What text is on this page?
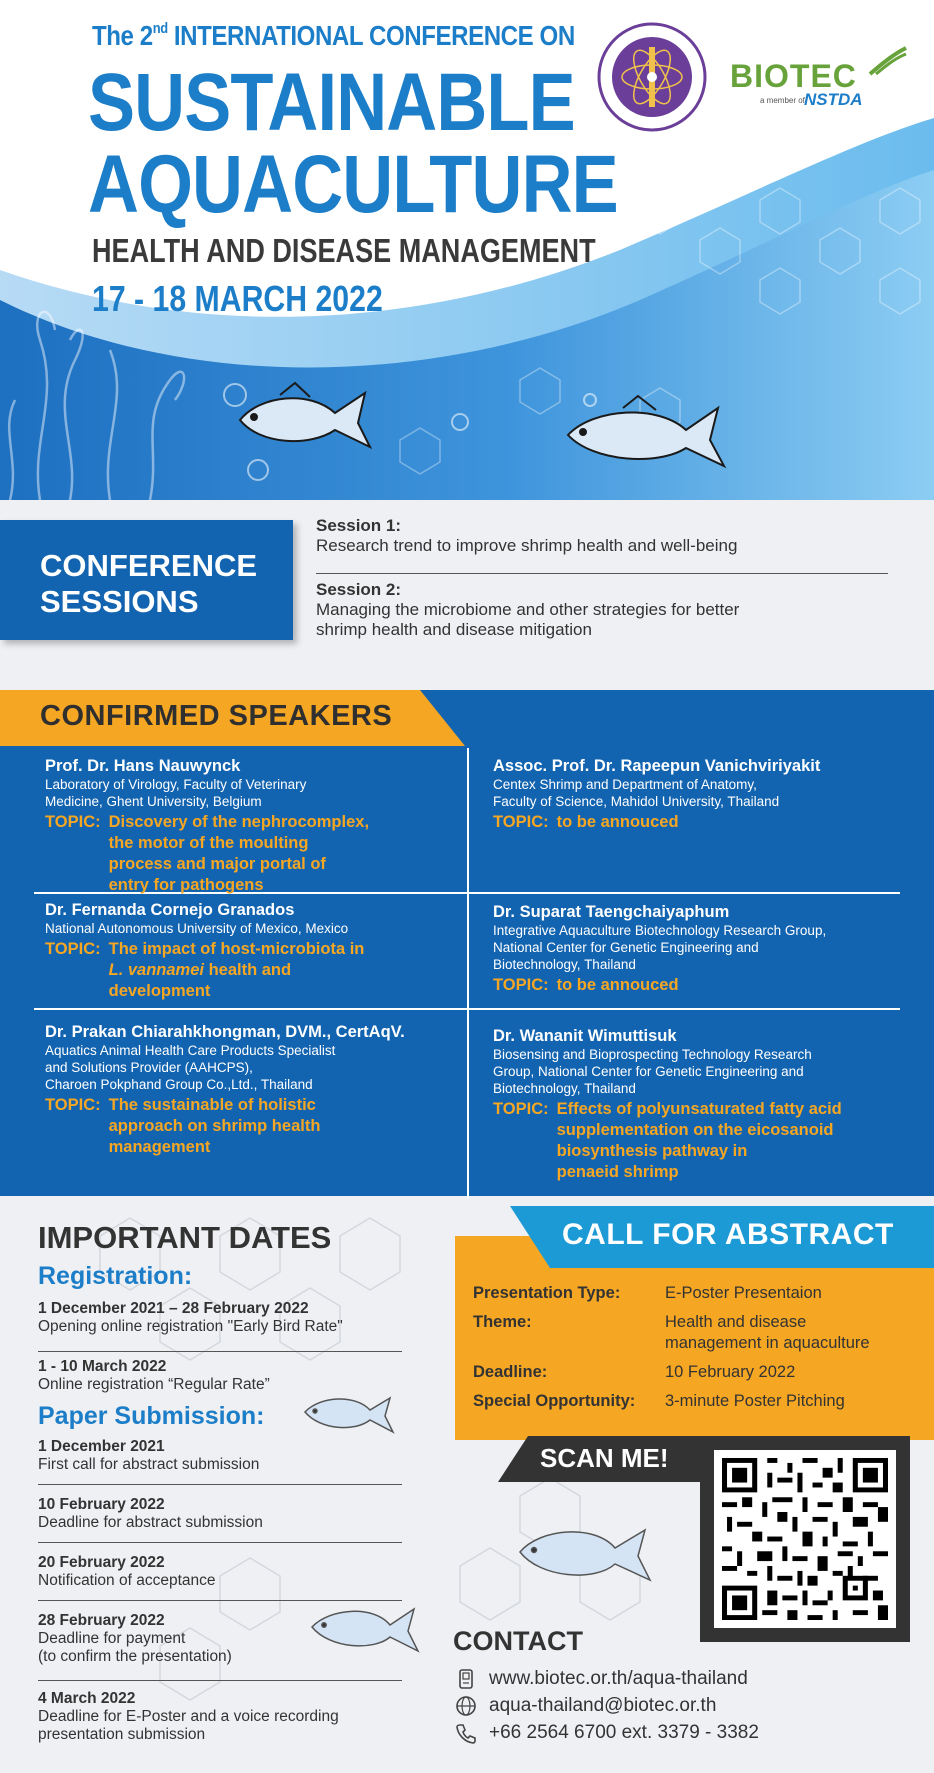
The 2nd INTERNATIONAL CONFERENCE ON
SUSTAINABLE
AQUACULTURE
HEALTH AND DISEASE MANAGEMENT
17 - 18 MARCH 2022
BIOTEC
a member of NSTDA
CONFERENCE
SESSIONS
Session 1:
Research trend to improve shrimp health and well-being
Session 2:
Managing the microbiome and other strategies for better shrimp health and disease mitigation
CONFIRMED SPEAKERS
Prof. Dr. Hans Nauwynck
Laboratory of Virology, Faculty of Veterinary
Medicine, Ghent University, Belgium
TOPIC: Discovery of the nephrocomplex,
the motor of the moulting
process and major portal of
entry for pathogens
Assoc. Prof. Dr. Rapeepun Vanichviriyakit
Centex Shrimp and Department of Anatomy,
Faculty of Science, Mahidol University, Thailand
TOPIC: to be annouced
Dr. Fernanda Cornejo Granados
National Autonomous University of Mexico, Mexico
TOPIC: The impact of host-microbiota in
L. vannamei health and
development
Dr. Suparat Taengchaiyaphum
Integrative Aquaculture Biotechnology Research Group,
National Center for Genetic Engineering and
Biotechnology, Thailand
TOPIC: to be annouced
Dr. Prakan Chiarahkhongman, DVM., CertAqV.
Aquatics Animal Health Care Products Specialist
and Solutions Provider (AAHCPS),
Charoen Pokphand Group Co.,Ltd., Thailand
TOPIC: The sustainable of holistic
approach on shrimp health
management
Dr. Wananit Wimuttisuk
Biosensing and Bioprospecting Technology Research
Group, National Center for Genetic Engineering and
Biotechnology, Thailand
TOPIC: Effects of polyunsaturated fatty acid
supplementation on the eicosanoid
biosynthesis pathway in
penaeid shrimp
IMPORTANT DATES
Registration:
1 December 2021 – 28 February 2022
Opening online registration "Early Bird Rate"
1 - 10 March 2022
Online registration “Regular Rate”
Paper Submission:
1 December 2021
First call for abstract submission
10 February 2022
Deadline for abstract submission
20 February 2022
Notification of acceptance
28 February 2022
Deadline for payment
(to confirm the presentation)
4 March 2022
Deadline for E-Poster and a voice recording
presentation submission
CALL FOR ABSTRACT
Presentation Type:	E-Poster Presentaion
Theme:	Health and disease
management in aquaculture
Deadline:	10 February 2022
Special Opportunity: 3-minute Poster Pitching
SCAN ME!
CONTACT
www.biotec.or.th/aqua-thailand
aqua-thailand@biotec.or.th
+66 2564 6700 ext. 3379 - 3382
